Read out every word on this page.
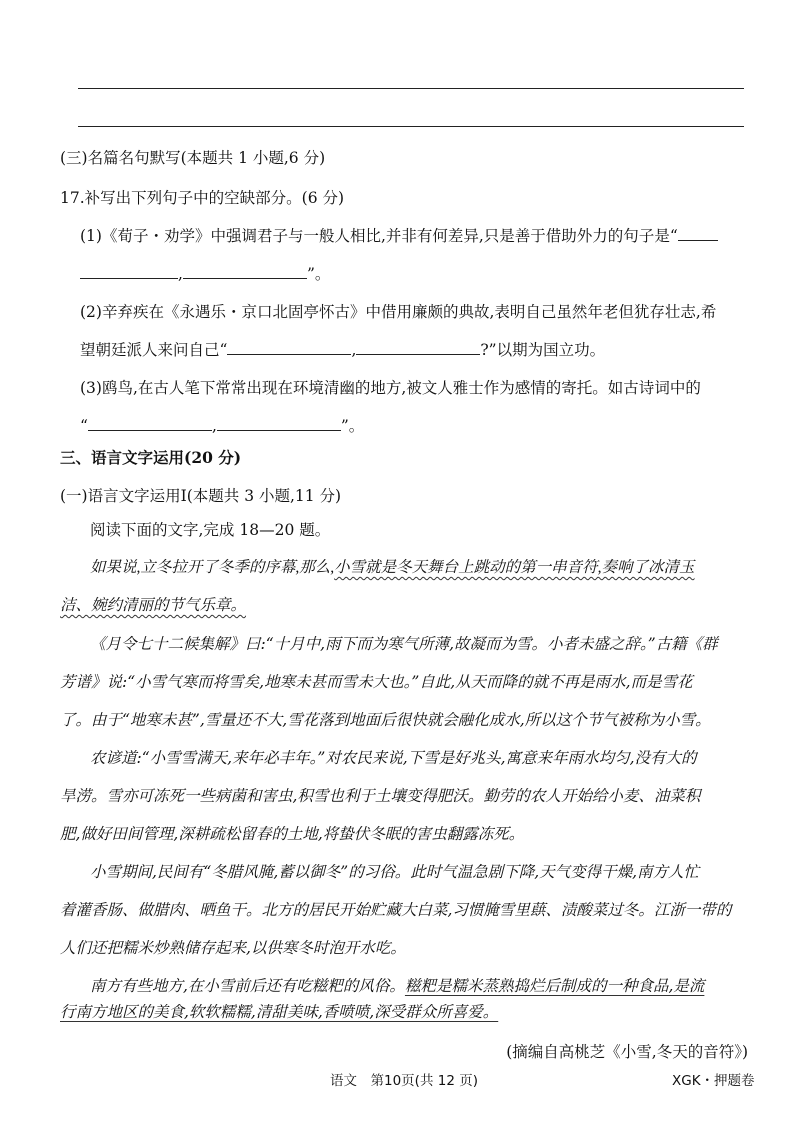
(三)名篇名句默写(本题共 1 小题,6 分)
17.补写出下列句子中的空缺部分。(6 分)
(1)《荀子・劝学》中强调君子与一般人相比,并非有何差异,只是善于借助外力的句子是“
,	”。
(2)辛弃疾在《永遇乐・京口北固亭怀古》中借用廉颇的典故,表明自己虽然年老但犹存壮志,希
望朝廷派人来问自己“	,	?”以期为国立功。
(3)鸥鸟,在古人笔下常常出现在环境清幽的地方,被文人雅士作为感情的寄托。如古诗词中的
“	,	”。
三、语言文字运用(20 分)
(一)语言文字运用Ⅰ(本题共 3 小题,11 分)
阅读下面的文字,完成 18—20 题。
如果说,立冬拉开了冬季的序幕,那么,小雪就是冬天舞台上跳动的第一串音符,奏响了冰清玉
洁、婉约清丽的节气乐章。
《月令七十二候集解》曰:“十月中,雨下而为寒气所薄,故凝而为雪。小者未盛之辞。”古籍《群
芳谱》说:“小雪气寒而将雪矣,地寒未甚而雪未大也。”自此,从天而降的就不再是雨水,而是雪花
了。由于“地寒未甚”,雪量还不大,雪花落到地面后很快就会融化成水,所以这个节气被称为小雪。
农谚道:“小雪雪满天,来年必丰年。”对农民来说,下雪是好兆头,寓意来年雨水均匀,没有大的
旱涝。雪亦可冻死一些病菌和害虫,积雪也利于土壤变得肥沃。勤劳的农人开始给小麦、油菜积
肥,做好田间管理,深耕疏松留春的土地,将蛰伏冬眠的害虫翻露冻死。
小雪期间,民间有“冬腊风腌,蓄以御冬”的习俗。此时气温急剧下降,天气变得干燥,南方人忙
着灌香肠、做腊肉、晒鱼干。北方的居民开始贮藏大白菜,习惯腌雪里蕻、渍酸菜过冬。江浙一带的
人们还把糯米炒熟储存起来,以供寒冬时泡开水吃。
南方有些地方,在小雪前后还有吃糍粑的风俗。糍粑是糯米蒸熟捣烂后制成的一种食品,是流
行南方地区的美食,软软糯糯,清甜美味,香喷喷,深受群众所喜爱。
(摘编自高桃芝《小雪,冬天的音符》)
语文　第10页(共 12 页)	XGK・押题卷
